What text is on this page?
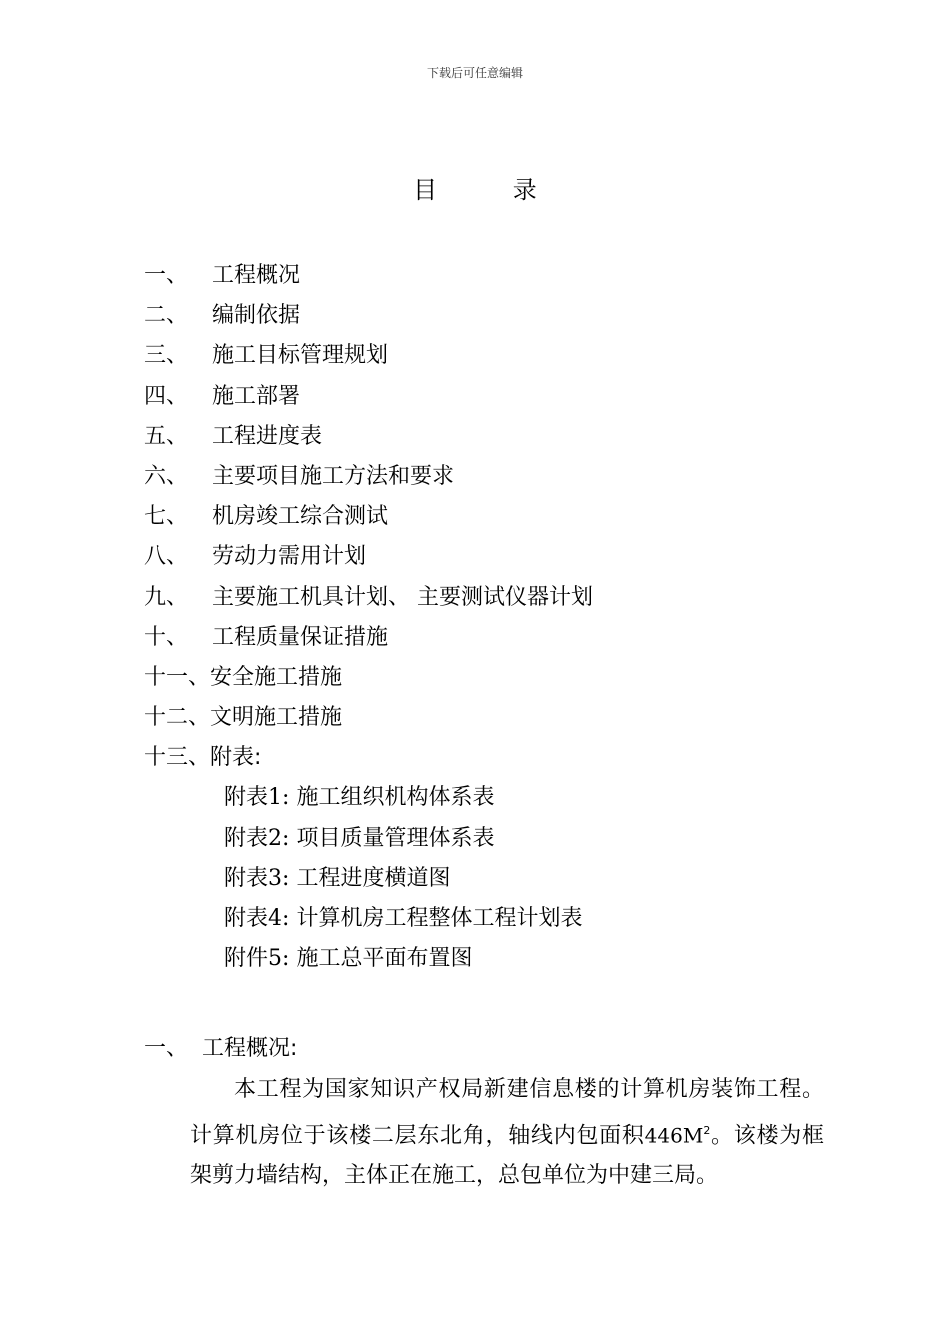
下载后可任意编辑
目 录
一、 工程概况
二、 编制依据
三、 施工目标管理规划
四、 施工部署
五、 工程进度表
六、 主要项目施工方法和要求
七、 机房竣工综合测试
八、 劳动力需用计划
九、 主要施工机具计划、 主要测试仪器计划
十、 工程质量保证措施
十一、安全施工措施
十二、文明施工措施
十三、附表:
附表1: 施工组织机构体系表
附表2: 项目质量管理体系表
附表3: 工程进度横道图
附表4: 计算机房工程整体工程计划表
附件5: 施工总平面布置图
一、 工程概况:

本工程为国家知识产权局新建信息楼的计算机房装饰工程。计算机房位于该楼二层东北角，轴线内包面积$446M^2$。该楼为框架剪力墙结构，主体正在施工，总包单位为中建三局。
